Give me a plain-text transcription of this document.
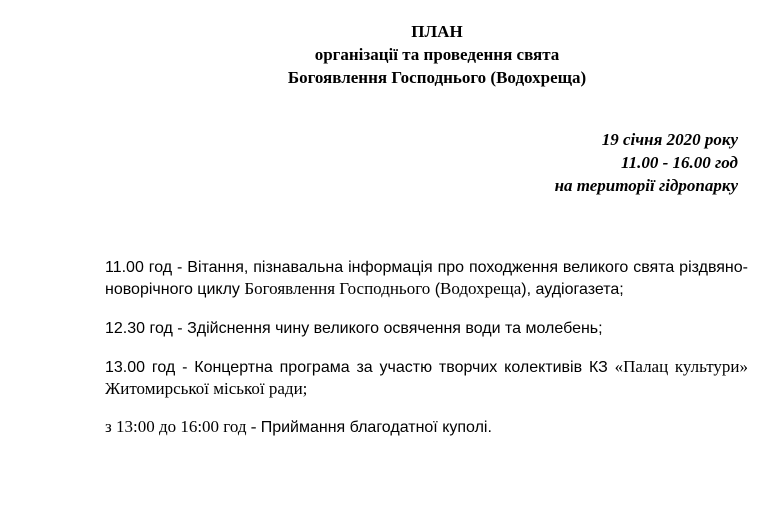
ПЛАН
організації та проведення свята
Богоявлення Господнього (Водохреща)
19 січня 2020 року
11.00 - 16.00 год
на території гідропарку
11.00 год - Вітання, пізнавальна інформація про походження великого свята різдвяно-новорічного циклу Богоявлення Господнього (Водохреща), аудіогазета;
12.30 год - Здійснення чину великого освячення води та молебень;
13.00 год - Концертна програма за участю творчих колективів КЗ «Палац культури» Житомирської міської ради;
з 13:00 до 16:00 год - Приймання благодатної куполі.
